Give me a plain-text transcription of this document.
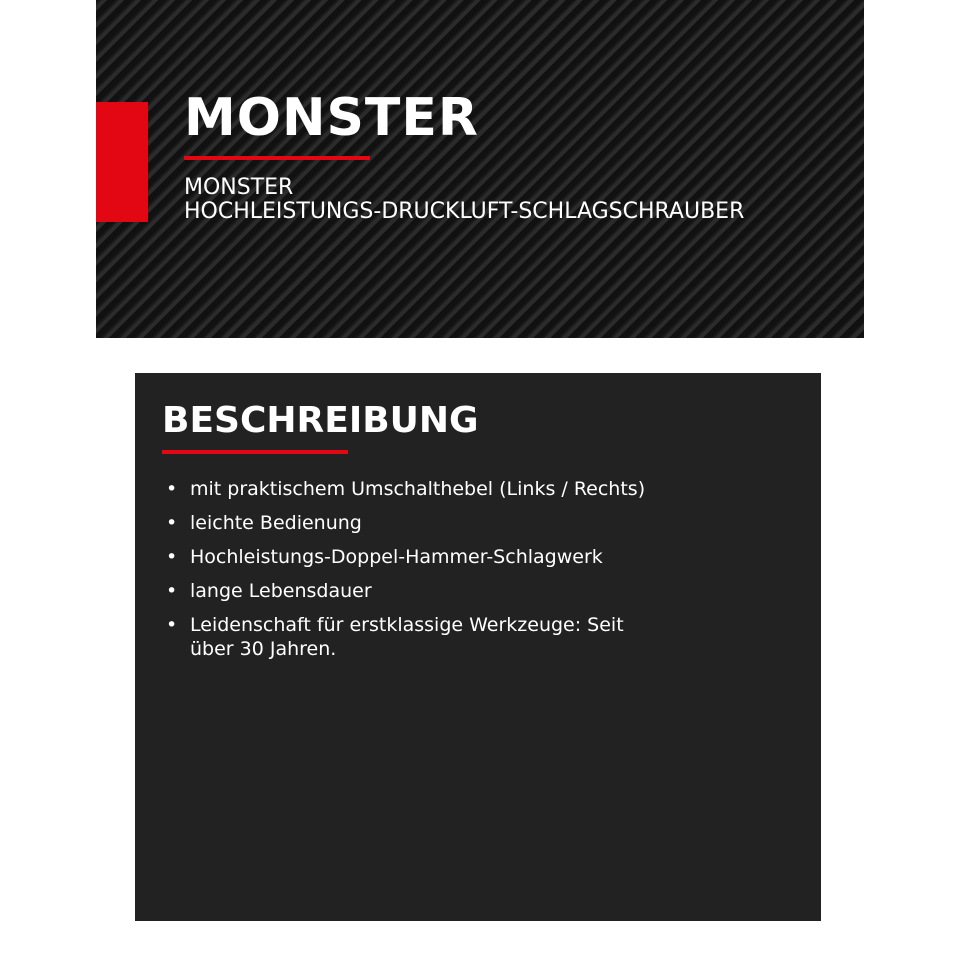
MONSTER
MONSTER
HOCHLEISTUNGS-DRUCKLUFT-SCHLAGSCHRAUBER
BESCHREIBUNG
• mit praktischem Umschalthebel (Links / Rechts)
• leichte Bedienung
• Hochleistungs-Doppel-Hammer-Schlagwerk
• lange Lebensdauer
• Leidenschaft für erstklassige Werkzeuge: Seit über 30 Jahren.
